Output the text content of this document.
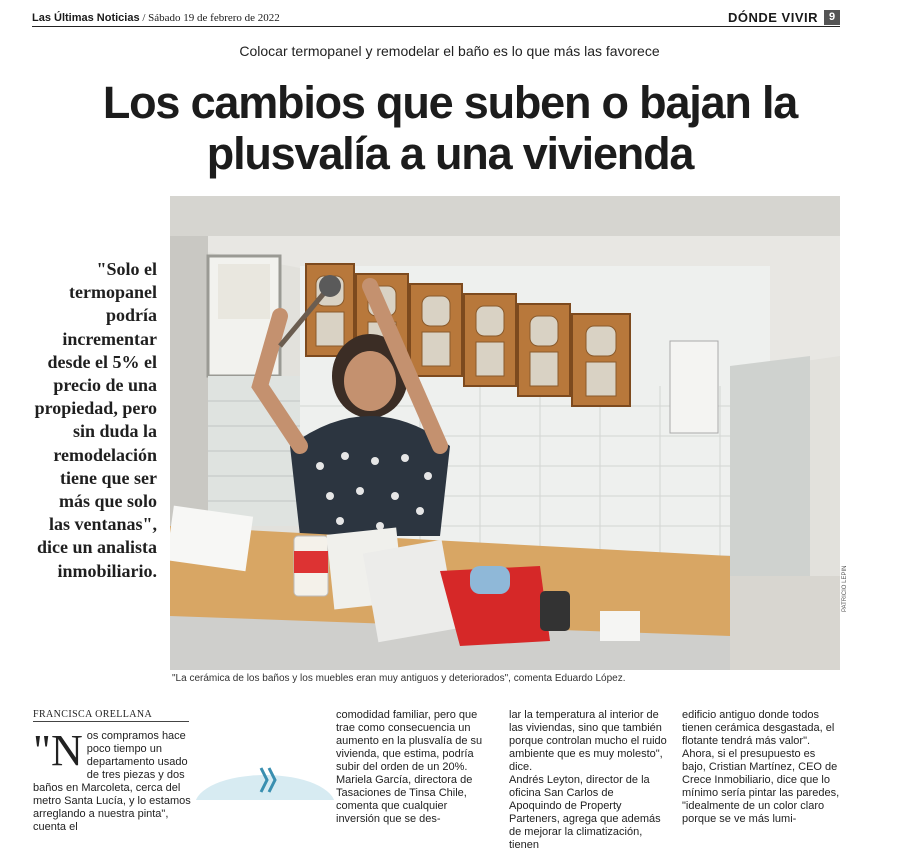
Las Últimas Noticias / Sábado 19 de febrero de 2022	DÓNDE VIVIR 9
Colocar termopanel y remodelar el baño es lo que más las favorece
Los cambios que suben o bajan la
plusvalía a una vivienda
"Solo el
termopanel
podría
incrementar
desde el 5% el
precio de una
propiedad, pero
sin duda la
remodelación
tiene que ser
más que solo
las ventanas",
dice un analista
inmobiliario.	PATRICIO LEPIN
"La cerámica de los baños y los muebles eran muy antiguos y deteriorados", comenta Eduardo López.
FRANCISCA ORELLANA
"N os compramos hace poco tiempo un departamento usado de tres piezas y dos baños en Marcoleta, cerca del metro Santa Lucía, y lo estamos arreglando a nuestra pinta", cuenta el

comodidad familiar, pero que trae como consecuencia un aumento en la plusvalía de su vivienda, que estima, podría subir del orden de un 20%.

Mariela García, directora de Tasaciones de Tinsa Chile, comenta que cualquier inversión que se des-

lar la temperatura al interior de las viviendas, sino que también porque controlan mucho el ruido ambiente que es muy molesto", dice.

Andrés Leyton, director de la oficina San Carlos de Apoquindo de Property Parteners, agrega que además de mejorar la climatización, tienen

edificio antiguo donde todos tienen cerámica desgastada, el flotante tendrá más valor".

Ahora, si el presupuesto es bajo, Cristian Martínez, CEO de Crece Inmobiliario, dice que lo mínimo sería pintar las paredes, "idealmente de un color claro porque se ve más lumi-
